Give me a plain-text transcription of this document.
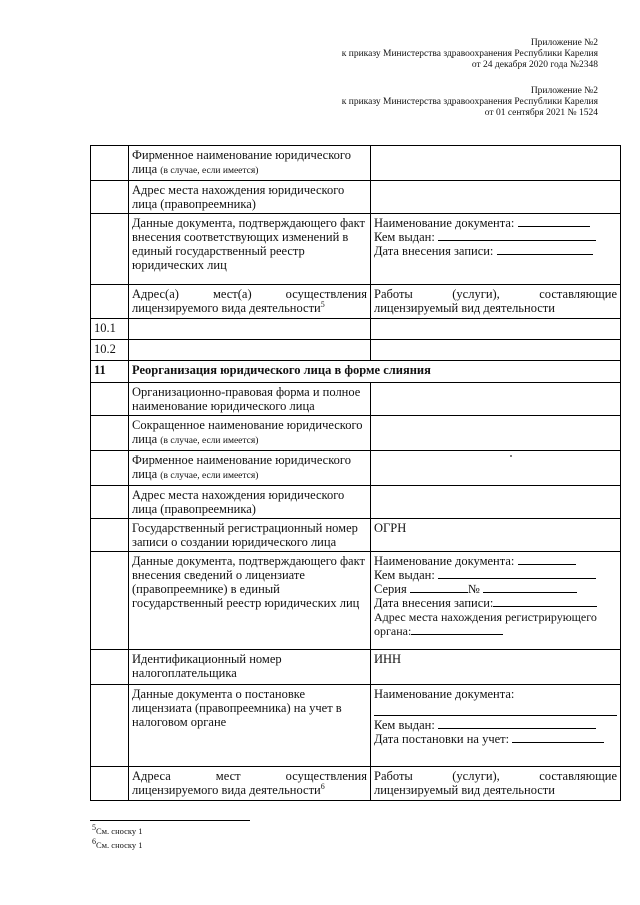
Приложение №2
к приказу Министерства здравоохранения Республики Карелия
от 24 декабря 2020 года №2348
Приложение №2
к приказу Министерства здравоохранения Республики Карелия
от 01 сентября 2021 № 1524
	Фирменное наименование юридического лица (в случае, если имеется)	
	Адрес места нахождения юридического лица (правопреемника)	
	Данные документа, подтверждающего факт внесения соответствующих изменений в единый государственный реестр юридических лиц	Наименование документа:
Кем выдан:
Дата внесения записи:

	Адрес(а) мест(а) осуществления
лицензируемого вида деятельности$^5$	Работы (услуги), составляющие
лицензируемый вид деятельности
10.1		
10.2		
11	Реорганизация юридического лица в форме слияния	
	Организационно-правовая форма и полное наименование юридического лица	
	Сокращенное наименование юридического лица (в случае, если имеется)	
	Фирменное наименование юридического лица (в случае, если имеется)	
	Адрес места нахождения юридического лица (правопреемника)	
	Государственный регистрационный номер записи о создании юридического лица	ОГРН
	Данные документа, подтверждающего факт внесения сведений о лицензиате (правопреемнике) в единый государственный реестр юридических лиц	Наименование документа:
Кем выдан:
Серия №
Дата внесения записи:
Адрес места нахождения регистрирующего органа:

	Идентификационный номер налогоплательщика	ИНН
	Данные документа о постановке лицензиата (правопреемника) на учет в налоговом органе	Наименование документа:
Кем выдан:
Дата постановки на учет:

	Адреса мест осуществления
лицензируемого вида деятельности$^6$	Работы (услуги), составляющие
лицензируемый вид деятельности
$^5$См. сноску 1
$^6$См. сноску 1
